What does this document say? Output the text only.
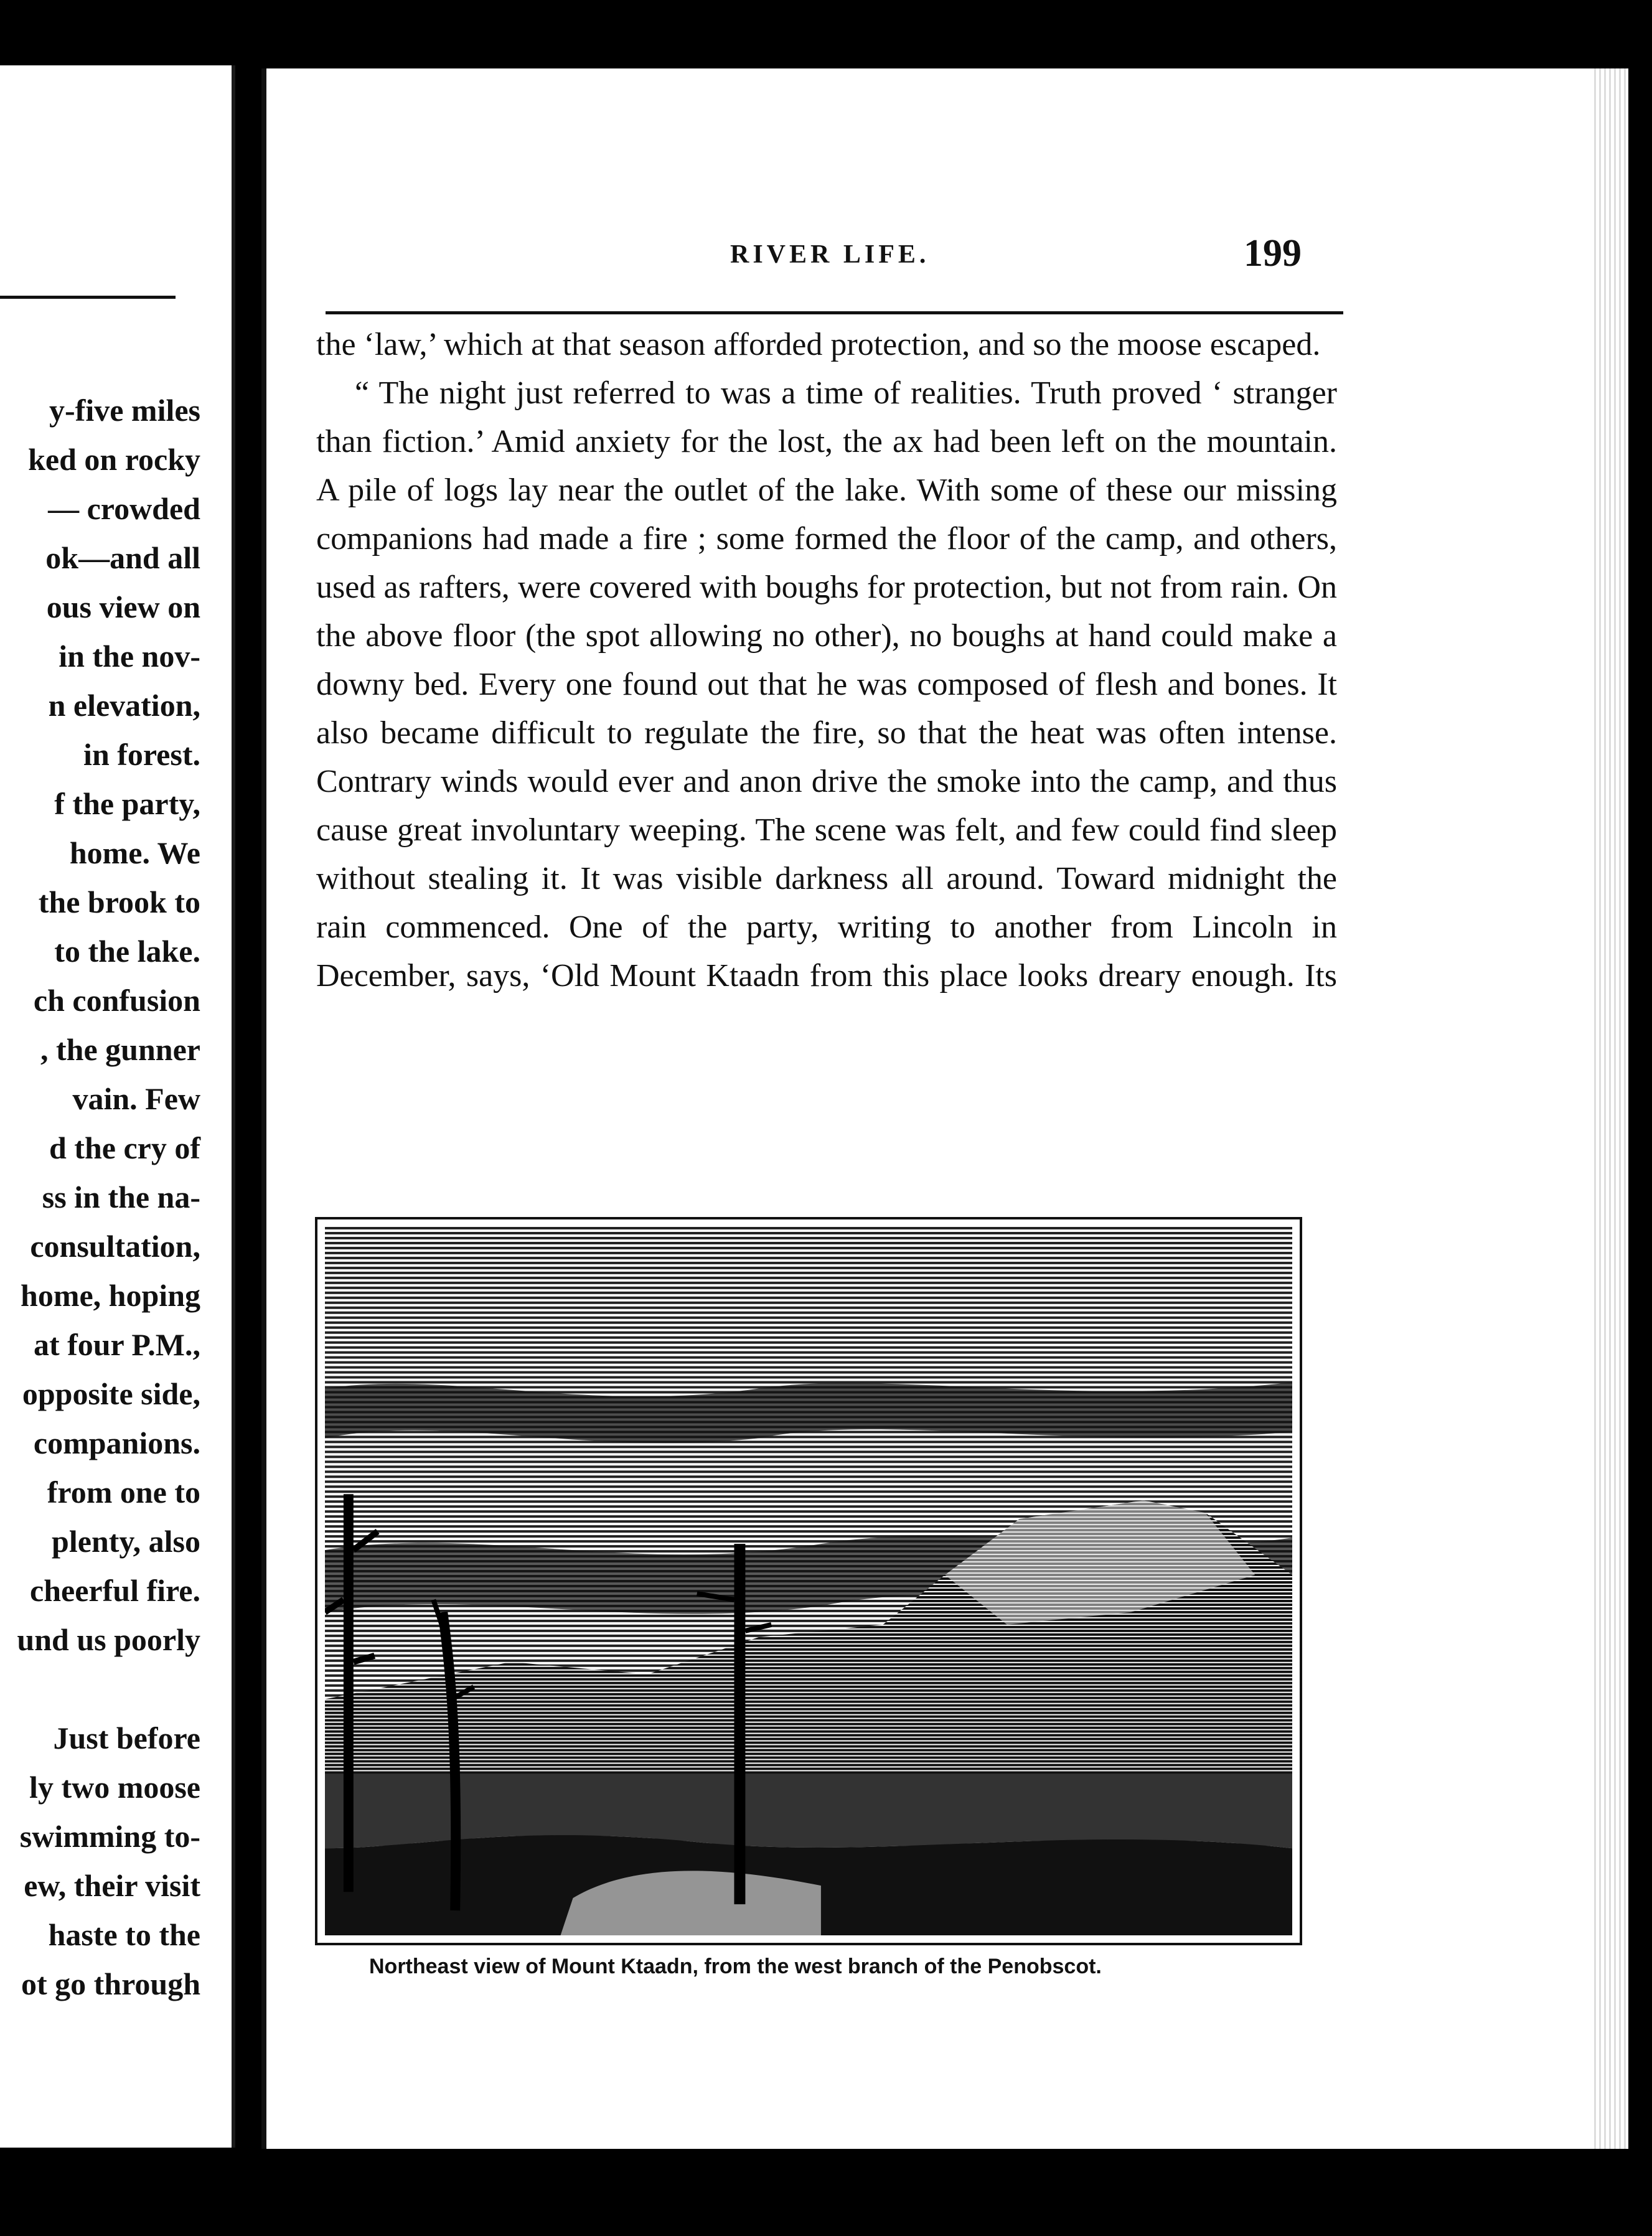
y-five miles
ked on rocky
— crowded
ok—and all
ous view on
in the nov-
n elevation,
in forest.
f the party,
home. We
the brook to
to the lake.
ch confusion
, the gunner
vain. Few
d the cry of
ss in the na-
consultation,
home, hoping
at four P.M.,
opposite side,
companions.
from one to
plenty, also
cheerful fire.
und us poorly
Just before
ly two moose
swimming to-
ew, their visit
haste to the
ot go through
RIVER LIFE.	199

the ‘law,’ which at that season afforded protection, and so the moose escaped.

“ The night just referred to was a time of realities. Truth proved ‘ stranger than fiction.’ Amid anxiety for the lost, the ax had been left on the mountain. A pile of logs lay near the outlet of the lake. With some of these our missing companions had made a fire ; some formed the floor of the camp, and others, used as rafters, were covered with boughs for protection, but not from rain. On the above floor (the spot allowing no other), no boughs at hand could make a downy bed. Every one found out that he was composed of flesh and bones. It also became difficult to regulate the fire, so that the heat was often intense. Contrary winds would ever and anon drive the smoke into the camp, and thus cause great involuntary weeping. The scene was felt, and few could find sleep without stealing it. It was visible darkness all around. Toward midnight the rain commenced. One of the party, writing to another from Lincoln in December, says, ‘Old Mount Ktaadn from this place looks dreary enough. Its

Northeast view of Mount Ktaadn, from the west branch of the Penobscot.
